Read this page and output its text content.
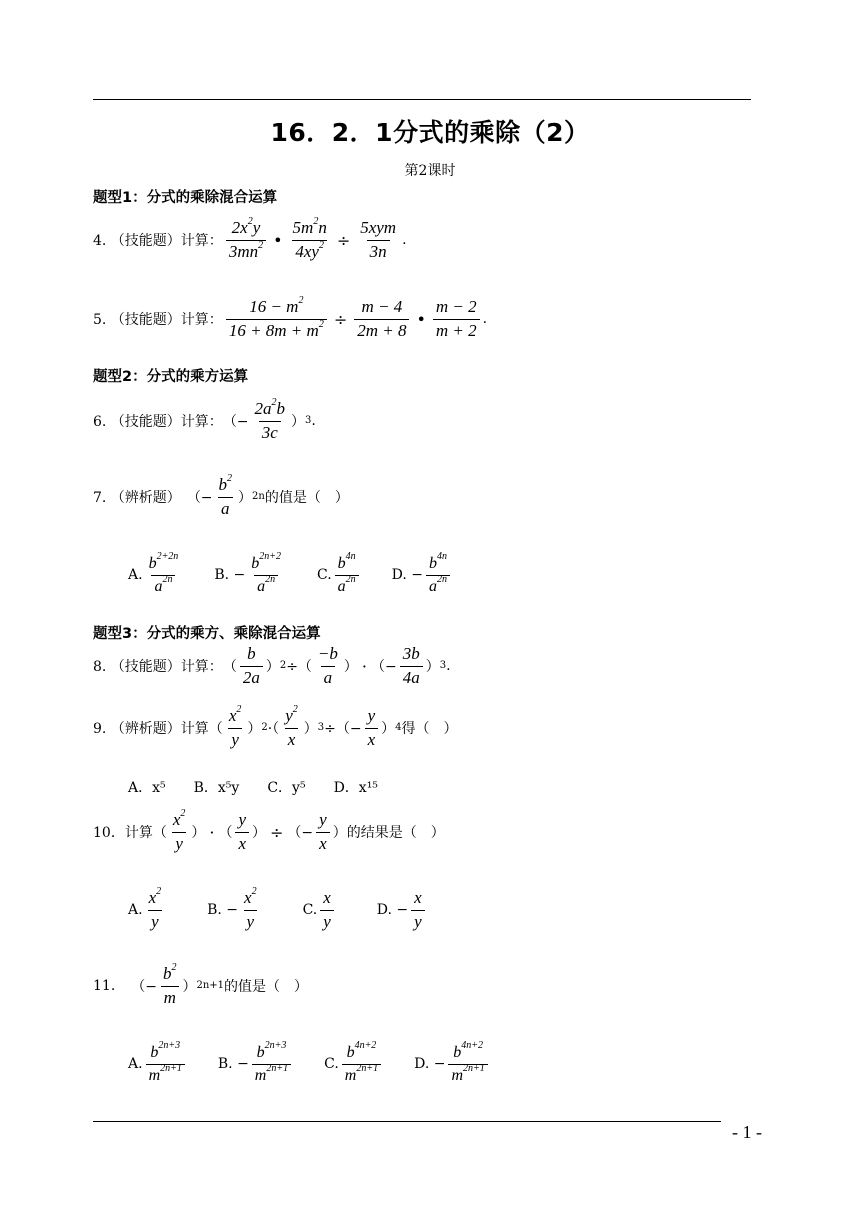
16．2．1分式的乘除（2）
第2课时
题型1：分式的乘除混合运算
4. （技能题）计算：
$2x^2y$
$3mn^2$ • $\frac{5m^2n}{4xy^2}$ ÷
5xym
3n
.
5. （技能题）计算： $\frac{16 - m^2}{16 + 8m + m^2} \div \frac{m - 4}{2m + 8}$ •
m − 2
m + 2
.
题型2：分式的乘方运算
6. （技能题）计算： （− $\frac{2a^2b}{3c}$ ） 3 .
7. （辨析题） （− $\frac{b^2}{a}$ ） 2n 的值是（　）
A.
$b^{2+2n}$
$a^{2n}$	B. − $\frac{b^{2n+2}}{a^{2n}} C$.
$b^{4n}$
$a^{2n}$	D. − $\frac{b^{4n}}{a^{2n}}$
题型3：分式的乘方、乘除混合运算
8. （技能题）计算： （
b
2a
） 2 ÷（
−b
a
） · （− $\frac{3b}{4a}$ ） 3 .
9. （辨析题）计算（
$x^2$
y
） 2 ·（
$y^2$
x
） 3 ÷（− $\frac{y}{x}$ ） 4 得（　）
A．x⁵ B．x⁵y C．y⁵ D．x¹⁵
10．计算（
$x^2$
y
） · （
y
x
） ÷ （− $\frac{y}{x}$ ） 的结果是（　）
A.
$x^2$
y
B. − $\frac{x^2}{y}$	C.
x
y
D. − $\frac{x}{y}$
11. （− $\frac{b^2}{m}$ ） 2n+1 的值是（　）
A.
$b^{2n+3}$
$m^{2n+1}$	B. − $\frac{b^{2n+3}}{m^{2n+1}} C$.
$b^{4n+2}$
$m^{2n+1}$	D. − $\frac{b^{4n+2}}{m^{2n+1}}$
- 1 -
